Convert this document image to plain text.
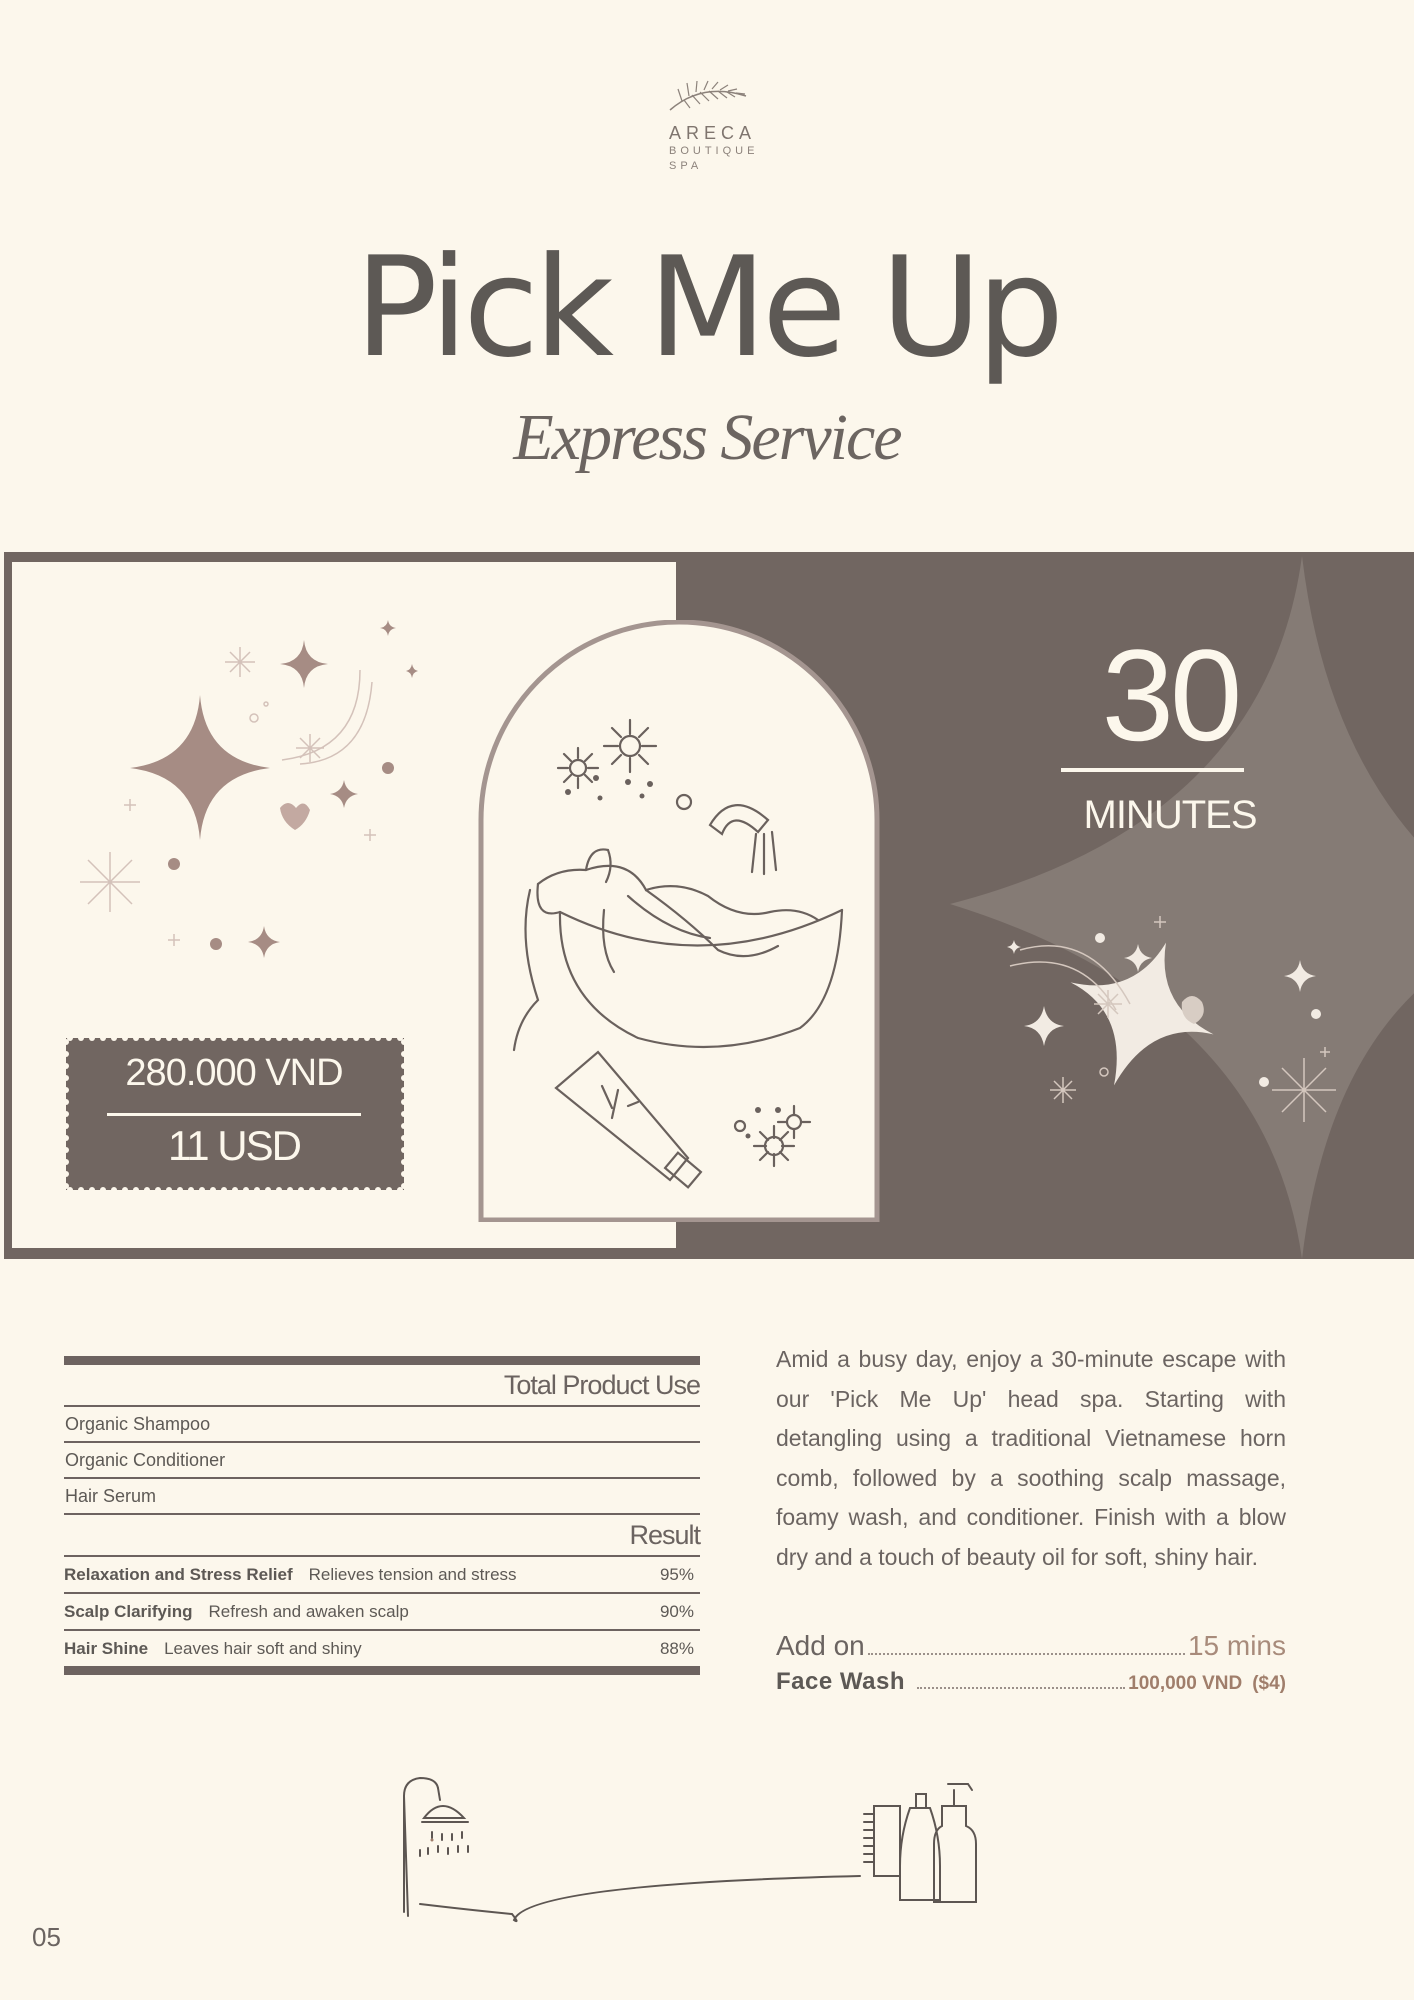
ARECA
BOUTIQUE
SPA
Pick Me Up
Express Service
30
MINUTES
280.000 VND
11 USD
Total Product Use
Organic Shampoo
Organic Conditioner
Hair Serum
Result
Relaxation and Stress Relief Relieves tension and stress	95%
Scalp Clarifying Refresh and awaken scalp	90%
Hair Shine Leaves hair soft and shiny	88%
Amid a busy day, enjoy a 30-minute escape with our 'Pick Me Up' head spa. Starting with detangling using a traditional Vietnamese horn comb, followed by a soothing scalp massage, foamy wash, and conditioner. Finish with a blow dry and a touch of beauty oil for soft, shiny hair.
Add on	15 mins
Face Wash	100,000 VND ($4)
05
